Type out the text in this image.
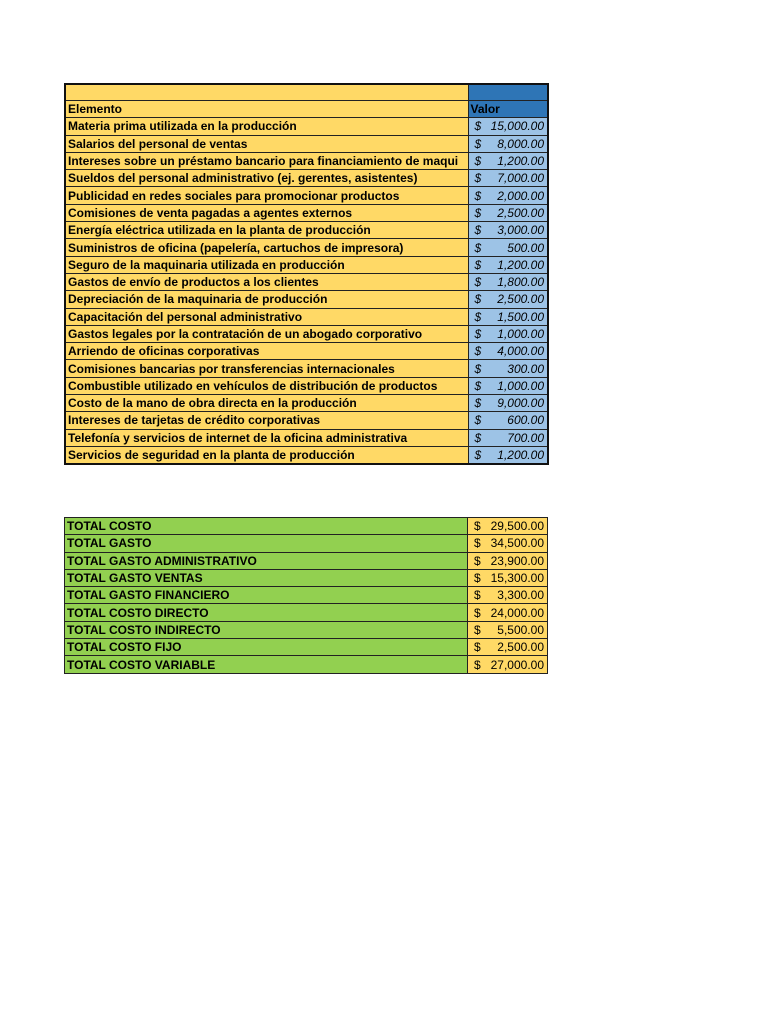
Elemento	Valor
Materia prima utilizada en la producción	$ 15,000.00

Salarios del personal de ventas	$ 8,000.00

Intereses sobre un préstamo bancario para financiamiento de maqui	$ 1,200.00

Sueldos del personal administrativo (ej. gerentes, asistentes)	$ 7,000.00

Publicidad en redes sociales para promocionar productos	$ 2,000.00

Comisiones de venta pagadas a agentes externos	$ 2,500.00

Energía eléctrica utilizada en la planta de producción	$ 3,000.00

Suministros de oficina (papelería, cartuchos de impresora)	$ 500.00

Seguro de la maquinaria utilizada en producción	$ 1,200.00

Gastos de envío de productos a los clientes	$ 1,800.00

Depreciación de la maquinaria de producción	$ 2,500.00

Capacitación del personal administrativo	$ 1,500.00

Gastos legales por la contratación de un abogado corporativo	$ 1,000.00

Arriendo de oficinas corporativas	$ 4,000.00

Comisiones bancarias por transferencias internacionales	$ 300.00

Combustible utilizado en vehículos de distribución de productos	$ 1,000.00

Costo de la mano de obra directa en la producción	$ 9,000.00

Intereses de tarjetas de crédito corporativas	$ 600.00

Telefonía y servicios de internet de la oficina administrativa	$ 700.00

Servicios de seguridad en la planta de producción	$ 1,200.00
TOTAL COSTO	$ 29,500.00

TOTAL GASTO	$ 34,500.00

TOTAL GASTO ADMINISTRATIVO	$ 23,900.00

TOTAL GASTO VENTAS	$ 15,300.00

TOTAL GASTO FINANCIERO	$ 3,300.00

TOTAL COSTO DIRECTO	$ 24,000.00

TOTAL COSTO INDIRECTO	$ 5,500.00

TOTAL COSTO FIJO	$ 2,500.00

TOTAL COSTO VARIABLE	$ 27,000.00
